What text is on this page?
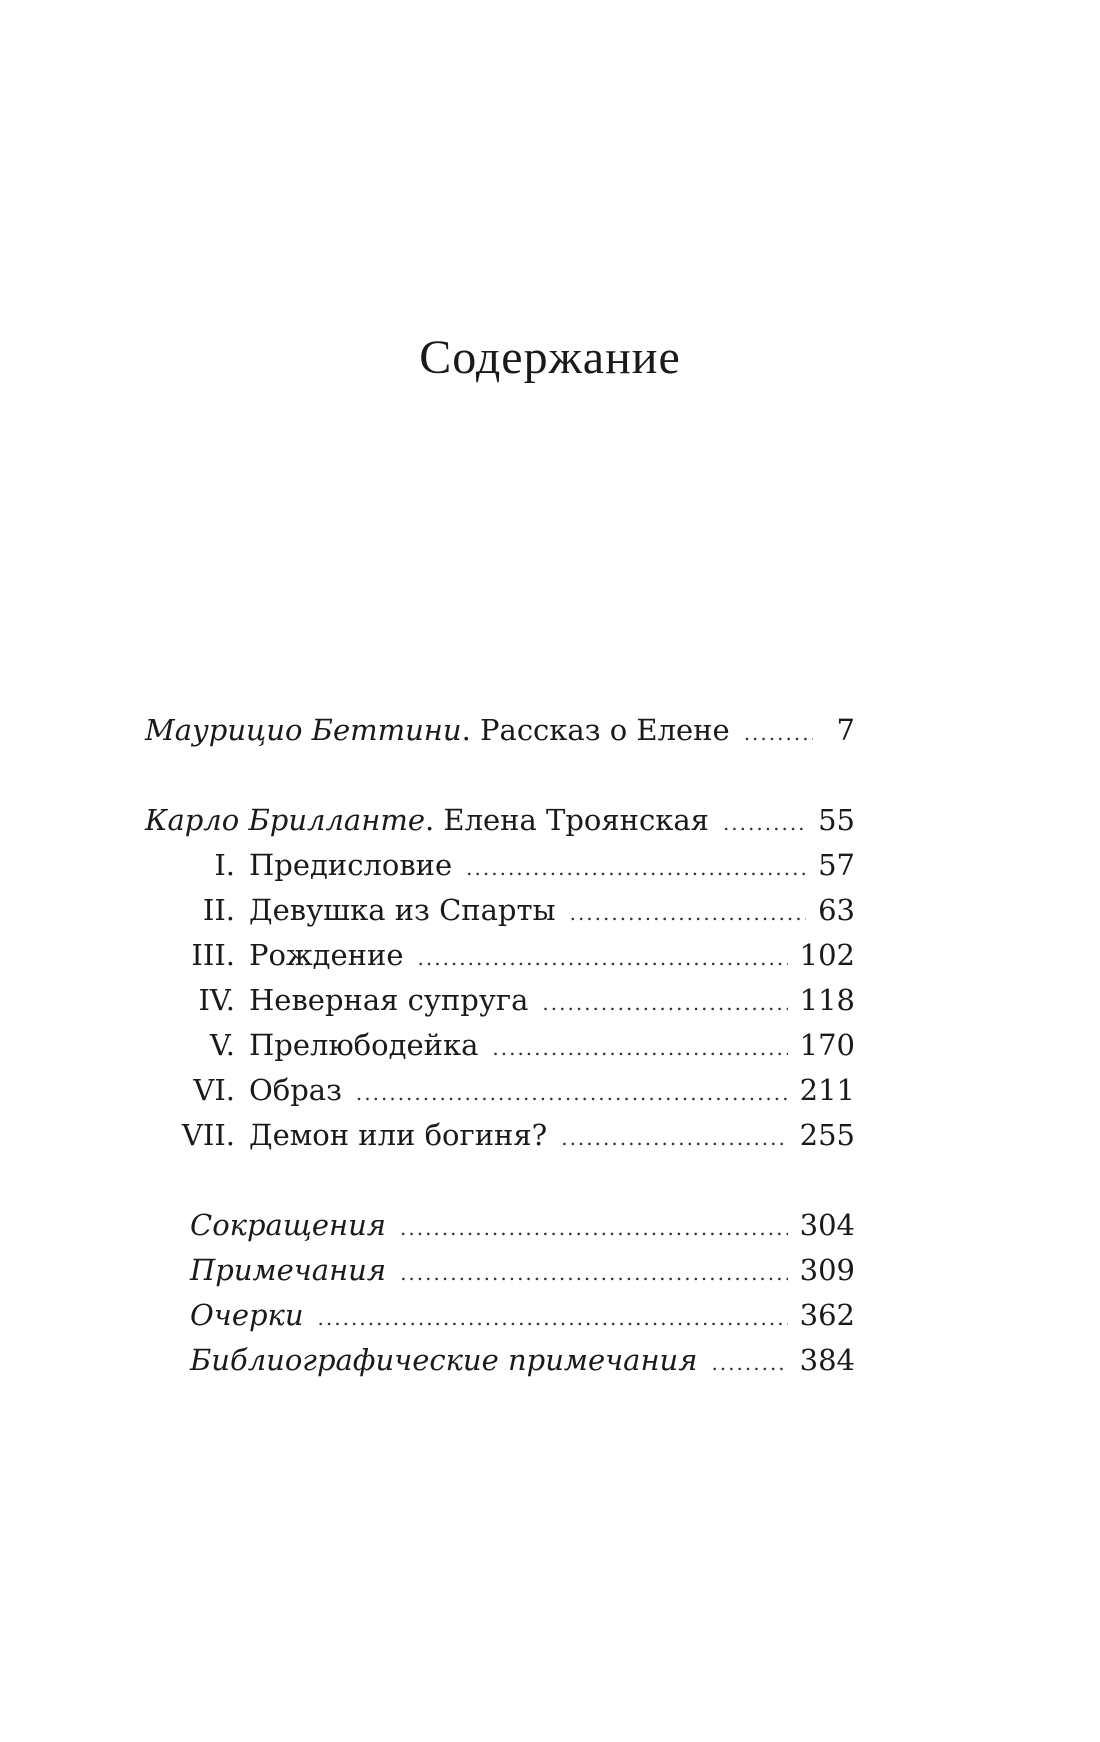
Содержание
Маурицио Беттини. Рассказ о Елене .....	7
Карло Брилланте. Елена Троянская .....	55
I. Предисловие .....	57
II. Девушка из Спарты .....	63
III. Рождение .....	102
IV. Неверная супруга .....	118
V. Прелюбодейка .....	170
VI. Образ .....	211
VII. Демон или богиня? .....	255
Сокращения .....	304
Примечания .....	309
Очерки .....	362
Библиографические примечания .....	384
